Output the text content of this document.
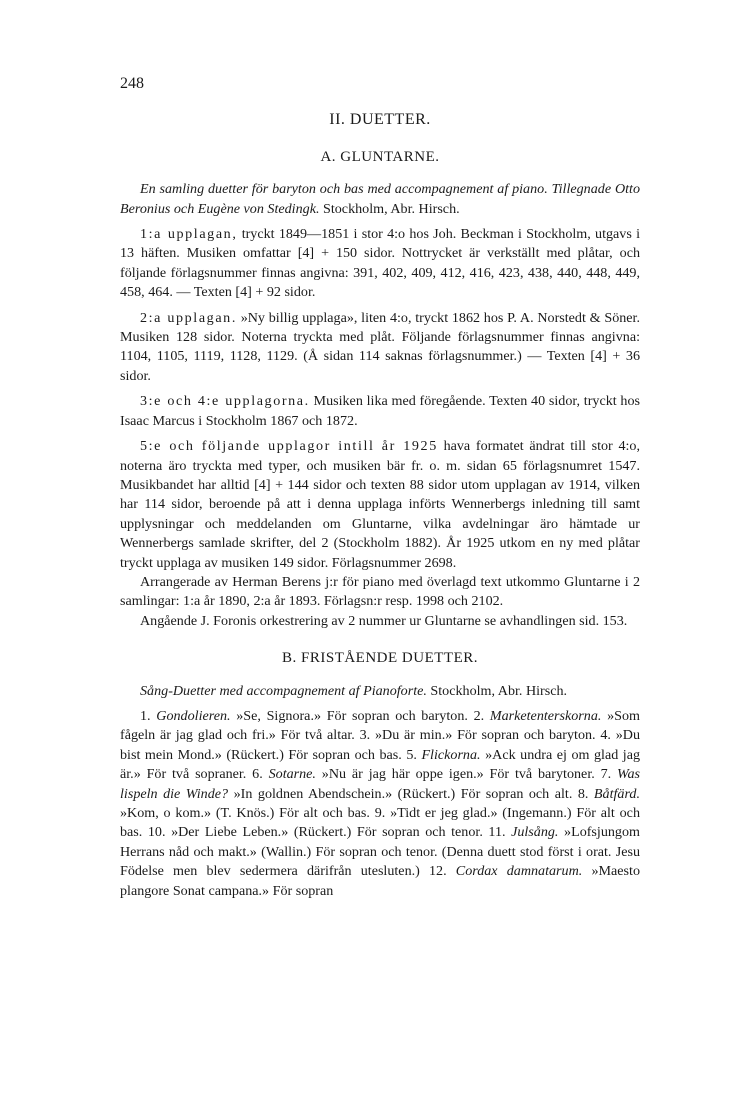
248
II. DUETTER.
A. GLUNTARNE.

En samling duetter för baryton och bas med accompagnement af piano. Tillegnade Otto Beronius och Eugène von Stedingk. Stockholm, Abr. Hirsch.

1:a upplagan, tryckt 1849—1851 i stor 4:o hos Joh. Beckman i Stockholm, utgavs i 13 häften. Musiken omfattar [4] + 150 sidor. Nottrycket är verkställt med plåtar, och följande förlagsnummer finnas angivna: 391, 402, 409, 412, 416, 423, 438, 440, 448, 449, 458, 464. — Texten [4] + 92 sidor.

2:a upplagan. »Ny billig upplaga», liten 4:o, tryckt 1862 hos P. A. Norstedt & Söner. Musiken 128 sidor. Noterna tryckta med plåt. Följande förlagsnummer finnas angivna: 1104, 1105, 1119, 1128, 1129. (Å sidan 114 saknas förlagsnummer.) — Texten [4] + 36 sidor.

3:e och 4:e upplagorna. Musiken lika med föregående. Texten 40 sidor, tryckt hos Isaac Marcus i Stockholm 1867 och 1872.

5:e och följande upplagor intill år 1925 hava formatet ändrat till stor 4:o, noterna äro tryckta med typer, och musiken bär fr. o. m. sidan 65 förlagsnumret 1547. Musikbandet har alltid [4] + 144 sidor och texten 88 sidor utom upplagan av 1914, vilken har 114 sidor, beroende på att i denna upplaga införts Wennerbergs inledning till samt upplysningar och meddelanden om Gluntarne, vilka avdelningar äro hämtade ur Wennerbergs samlade skrifter, del 2 (Stockholm 1882). År 1925 utkom en ny med plåtar tryckt upplaga av musiken 149 sidor. Förlagsnummer 2698.

Arrangerade av Herman Berens j:r för piano med överlagd text utkommo Gluntarne i 2 samlingar: 1:a år 1890, 2:a år 1893. Förlagsn:r resp. 1998 och 2102.

Angående J. Foronis orkestrering av 2 nummer ur Gluntarne se avhandlingen sid. 153.

B. FRISTÅENDE DUETTER.

Sång-Duetter med accompagnement af Pianoforte. Stockholm, Abr. Hirsch.

1. Gondolieren. »Se, Signora.» För sopran och baryton. 2. Marketenterskorna. »Som fågeln är jag glad och fri.» För två altar. 3. »Du är min.» För sopran och baryton. 4. »Du bist mein Mond.» (Rückert.) För sopran och bas. 5. Flickorna. »Ack undra ej om glad jag är.» För två sopraner. 6. Sotarne. »Nu är jag här oppe igen.» För två barytoner. 7. Was lispeln die Winde? »In goldnen Abendschein.» (Rückert.) För sopran och alt. 8. Båtfärd. »Kom, o kom.» (T. Knös.) För alt och bas. 9. »Tidt er jeg glad.» (Ingemann.) För alt och bas. 10. »Der Liebe Leben.» (Rückert.) För sopran och tenor. 11. Julsång. »Lofsjungom Herrans nåd och makt.» (Wallin.) För sopran och tenor. (Denna duett stod först i orat. Jesu Födelse men blev sedermera därifrån utesluten.) 12. Cordax damnatarum. »Maesto plangore Sonat campana.» För sopran
